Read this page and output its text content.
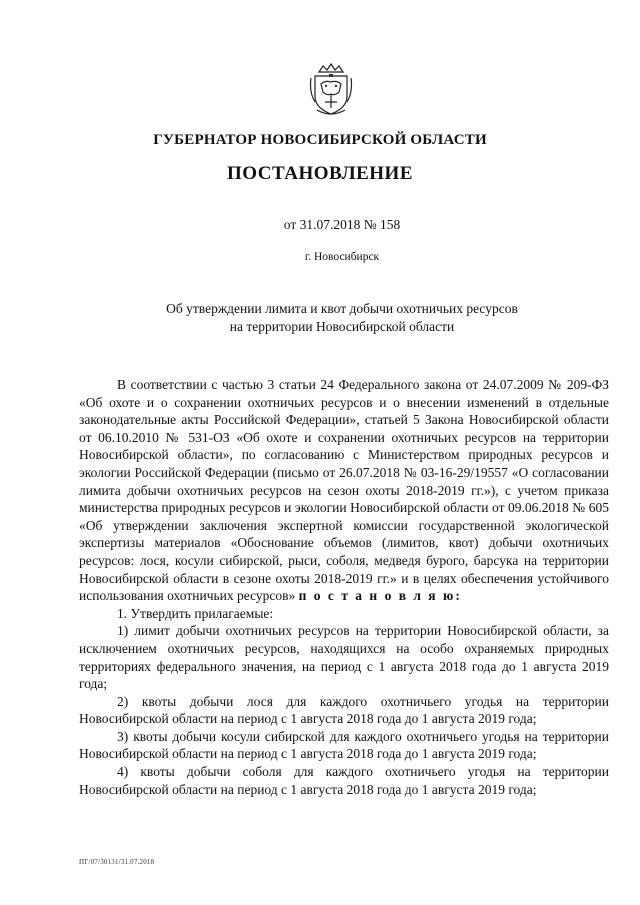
ГУБЕРНАТОР НОВОСИБИРСКОЙ ОБЛАСТИ
ПОСТАНОВЛЕНИЕ
от 31.07.2018 № 158
г. Новосибирск
Об утверждении лимита и квот добычи охотничьих ресурсов
на территории Новосибирской области

В соответствии с частью 3 статьи 24 Федерального закона от 24.07.2009 № 209-ФЗ «Об охоте и о сохранении охотничьих ресурсов и о внесении изменений в отдельные законодательные акты Российской Федерации», статьей 5 Закона Новосибирской области от 06.10.2010 № 531-ОЗ «Об охоте и сохранении охотничьих ресурсов на территории Новосибирской области», по согласованию с Министерством природных ресурсов и экологии Российской Федерации (письмо от 26.07.2018 № 03-16-29/19557 «О согласовании лимита добычи охотничьих ресурсов на сезон охоты 2018-2019 гг.»), с учетом приказа министерства природных ресурсов и экологии Новосибирской области от 09.06.2018 № 605 «Об утверждении заключения экспертной комиссии государственной экологической экспертизы материалов «Обоснование объемов (лимитов, квот) добычи охотничьих ресурсов: лося, косули сибирской, рыси, соболя, медведя бурого, барсука на территории Новосибирской области в сезоне охоты 2018-2019 гг.» и в целях обеспечения устойчивого использования охотничьих ресурсов» п о с т а н о в л я ю:

1. Утвердить прилагаемые:

1) лимит добычи охотничьих ресурсов на территории Новосибирской области, за исключением охотничьих ресурсов, находящихся на особо охраняемых природных территориях федерального значения, на период с 1 августа 2018 года до 1 августа 2019 года;

2) квоты добычи лося для каждого охотничьего угодья на территории Новосибирской области на период с 1 августа 2018 года до 1 августа 2019 года;

3) квоты добычи косули сибирской для каждого охотничьего угодья на территории Новосибирской области на период с 1 августа 2018 года до 1 августа 2019 года;

4) квоты добычи соболя для каждого охотничьего угодья на территории Новосибирской области на период с 1 августа 2018 года до 1 августа 2019 года;

ПГ/07/30131/31.07.2018
